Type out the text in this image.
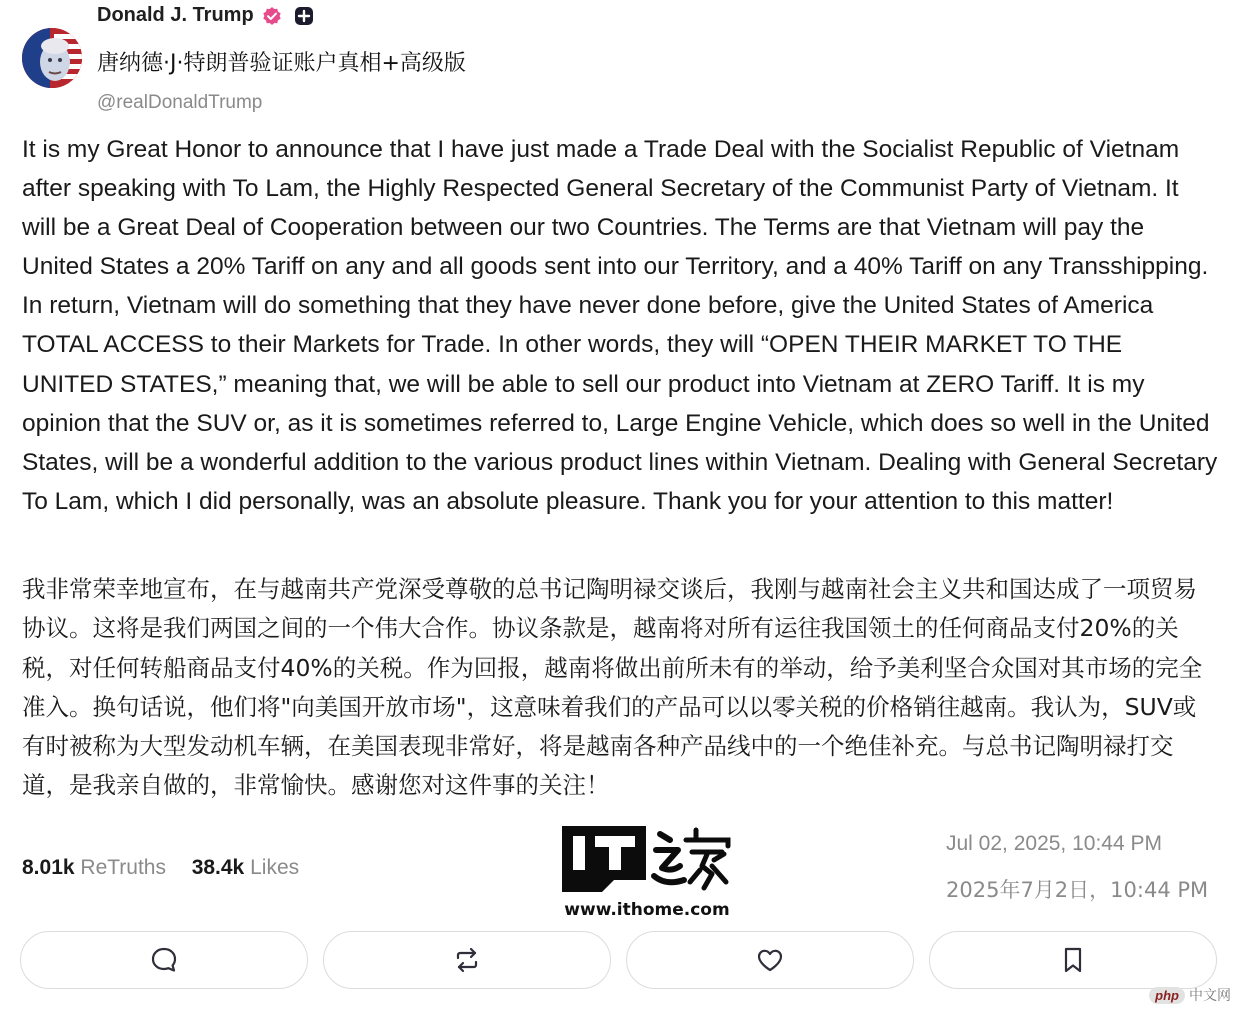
Donald J. Trump
唐纳德·J·特朗普验证账户真相+高级版
@realDonaldTrump

It is my Great Honor to announce that I have just made a Trade Deal with the Socialist Republic of Vietnam after speaking with To Lam, the Highly Respected General Secretary of the Communist Party of Vietnam. It will be a Great Deal of Cooperation between our two Countries. The Terms are that Vietnam will pay the United States a 20% Tariff on any and all goods sent into our Territory, and a 40% Tariff on any Transshipping. In return, Vietnam will do something that they have never done before, give the United States of America TOTAL ACCESS to their Markets for Trade. In other words, they will “OPEN THEIR MARKET TO THE UNITED STATES,” meaning that, we will be able to sell our product into Vietnam at ZERO Tariff. It is my opinion that the SUV or, as it is sometimes referred to, Large Engine Vehicle, which does so well in the United States, will be a wonderful addition to the various product lines within Vietnam. Dealing with General Secretary To Lam, which I did personally, was an absolute pleasure. Thank you for your attention to this matter!

我非常荣幸地宣布，在与越南共产党深受尊敬的总书记陶明禄交谈后，我刚与越南社会主义共和国达成了一项贸易协议。这将是我们两国之间的一个伟大合作。协议条款是，越南将对所有运往我国领土的任何商品支付20%的关税，对任何转船商品支付40%的关税。作为回报，越南将做出前所未有的举动，给予美利坚合众国对其市场的完全准入。换句话说，他们将"向美国开放市场"，这意味着我们的产品可以以零关税的价格销往越南。我认为，SUV或有时被称为大型发动机车辆，在美国表现非常好，将是越南各种产品线中的一个绝佳补充。与总书记陶明禄打交道，是我亲自做的，非常愉快。感谢您对这件事的关注！

8.01k ReTruths 38.4k Likes
www.ithome.com
Jul 02, 2025, 10:44 PM
2025年7月2日，10:44 PM
php 中文网
